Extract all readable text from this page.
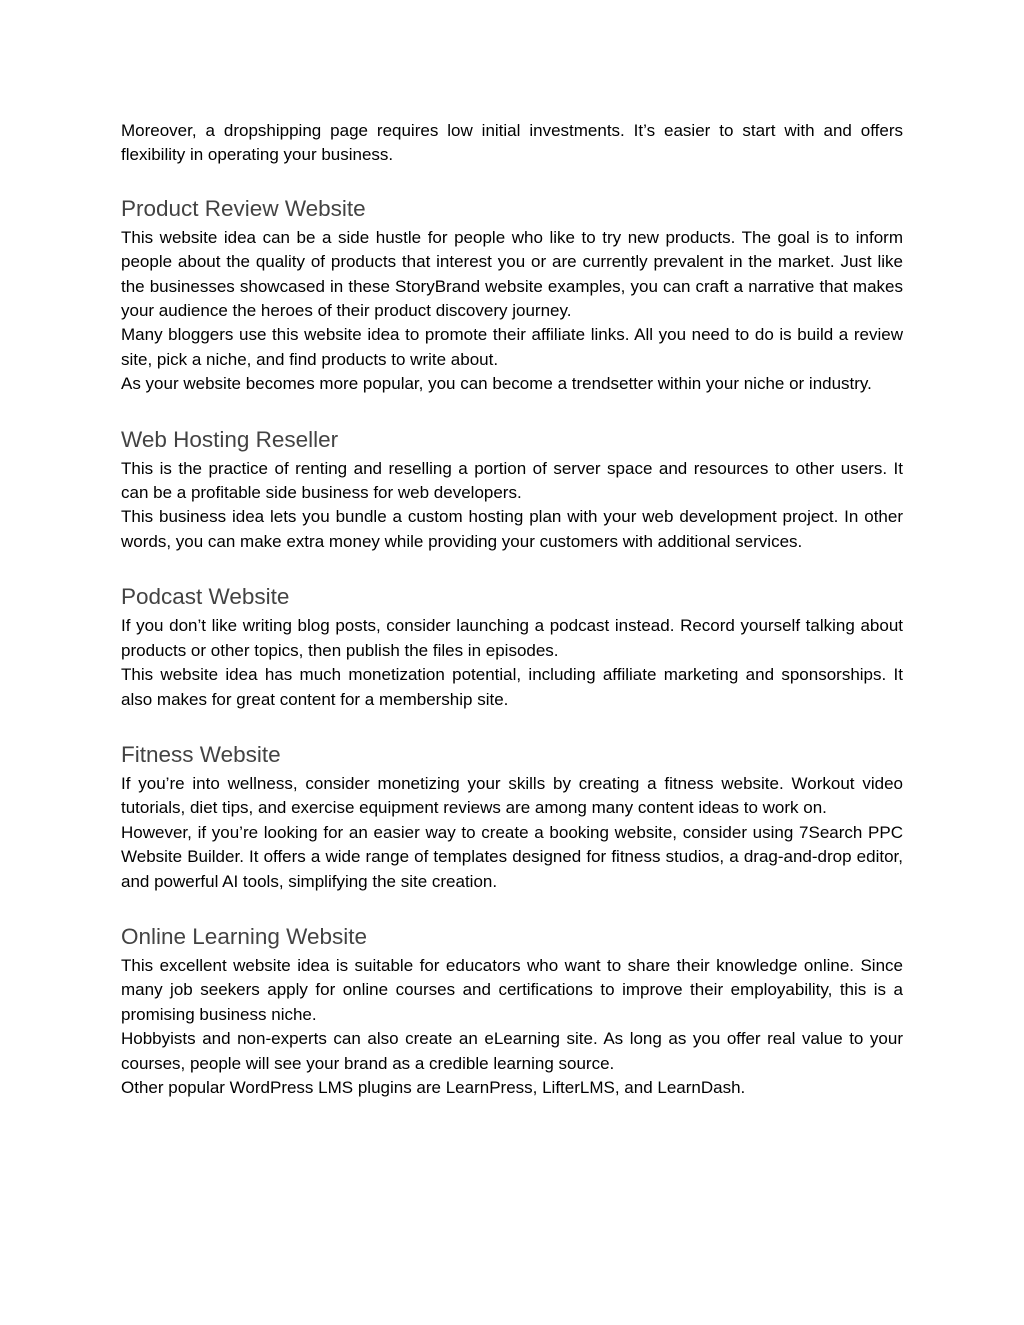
Moreover, a dropshipping page requires low initial investments. It’s easier to start with and offers flexibility in operating your business.

Product Review Website

This website idea can be a side hustle for people who like to try new products. The goal is to inform people about the quality of products that interest you or are currently prevalent in the market. Just like the businesses showcased in these StoryBrand website examples, you can craft a narrative that makes your audience the heroes of their product discovery journey.

Many bloggers use this website idea to promote their affiliate links. All you need to do is build a review site, pick a niche, and find products to write about.

As your website becomes more popular, you can become a trendsetter within your niche or industry.

Web Hosting Reseller

This is the practice of renting and reselling a portion of server space and resources to other users. It can be a profitable side business for web developers.

This business idea lets you bundle a custom hosting plan with your web development project. In other words, you can make extra money while providing your customers with additional services.

Podcast Website

If you don’t like writing blog posts, consider launching a podcast instead. Record yourself talking about products or other topics, then publish the files in episodes.

This website idea has much monetization potential, including affiliate marketing and sponsorships. It also makes for great content for a membership site.

Fitness Website

If you’re into wellness, consider monetizing your skills by creating a fitness website. Workout video tutorials, diet tips, and exercise equipment reviews are among many content ideas to work on.

However, if you’re looking for an easier way to create a booking website, consider using 7Search PPC Website Builder. It offers a wide range of templates designed for fitness studios, a drag-and-drop editor, and powerful AI tools, simplifying the site creation.

Online Learning Website

This excellent website idea is suitable for educators who want to share their knowledge online. Since many job seekers apply for online courses and certifications to improve their employability, this is a promising business niche.

Hobbyists and non-experts can also create an eLearning site. As long as you offer real value to your courses, people will see your brand as a credible learning source.

Other popular WordPress LMS plugins are LearnPress, LifterLMS, and LearnDash.
